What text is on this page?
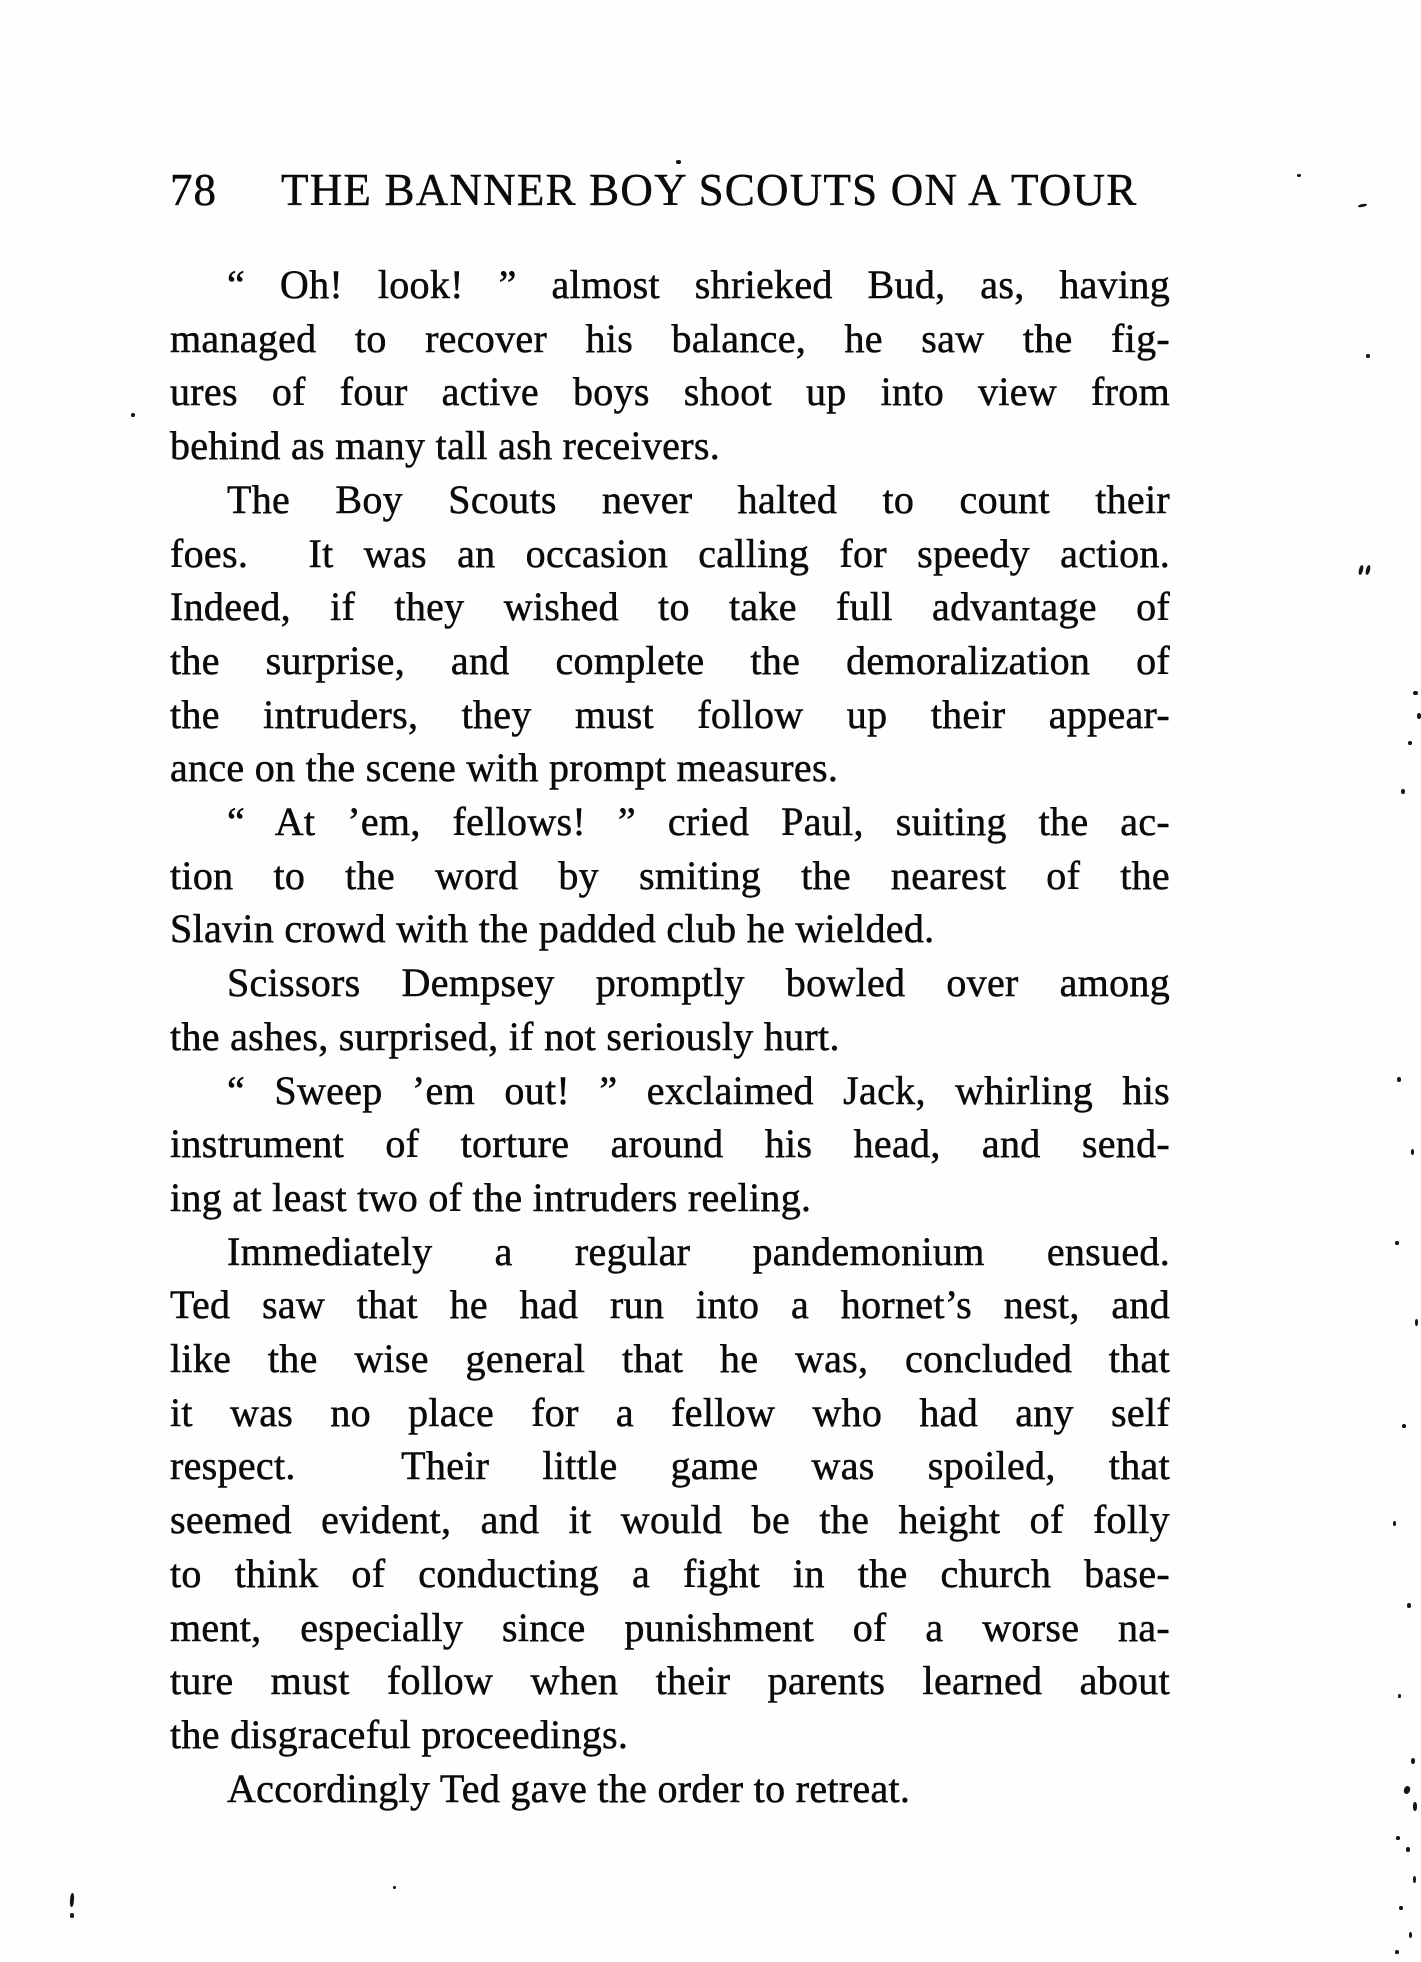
78 THE BANNER BOY SCOUTS ON A TOUR
“ Oh! look! ” almost shrieked Bud, as, having
managed to recover his balance, he saw the fig-
ures of four active boys shoot up into view from
behind as many tall ash receivers.
The Boy Scouts never halted to count their
foes.  It was an occasion calling for speedy action.
Indeed, if they wished to take full advantage of
the surprise, and complete the demoralization of
the intruders, they must follow up their appear-
ance on the scene with prompt measures.
“ At ’em, fellows! ” cried Paul, suiting the ac-
tion to the word by smiting the nearest of the
Slavin crowd with the padded club he wielded.
Scissors Dempsey promptly bowled over among
the ashes, surprised, if not seriously hurt.
“ Sweep ’em out! ” exclaimed Jack, whirling his
instrument of torture around his head, and send-
ing at least two of the intruders reeling.
Immediately a regular pandemonium ensued.
Ted saw that he had run into a hornet’s nest, and
like the wise general that he was, concluded that
it was no place for a fellow who had any self
respect.  Their little game was spoiled, that
seemed evident, and it would be the height of folly
to think of conducting a fight in the church base-
ment, especially since punishment of a worse na-
ture must follow when their parents learned about
the disgraceful proceedings.
Accordingly Ted gave the order to retreat.
